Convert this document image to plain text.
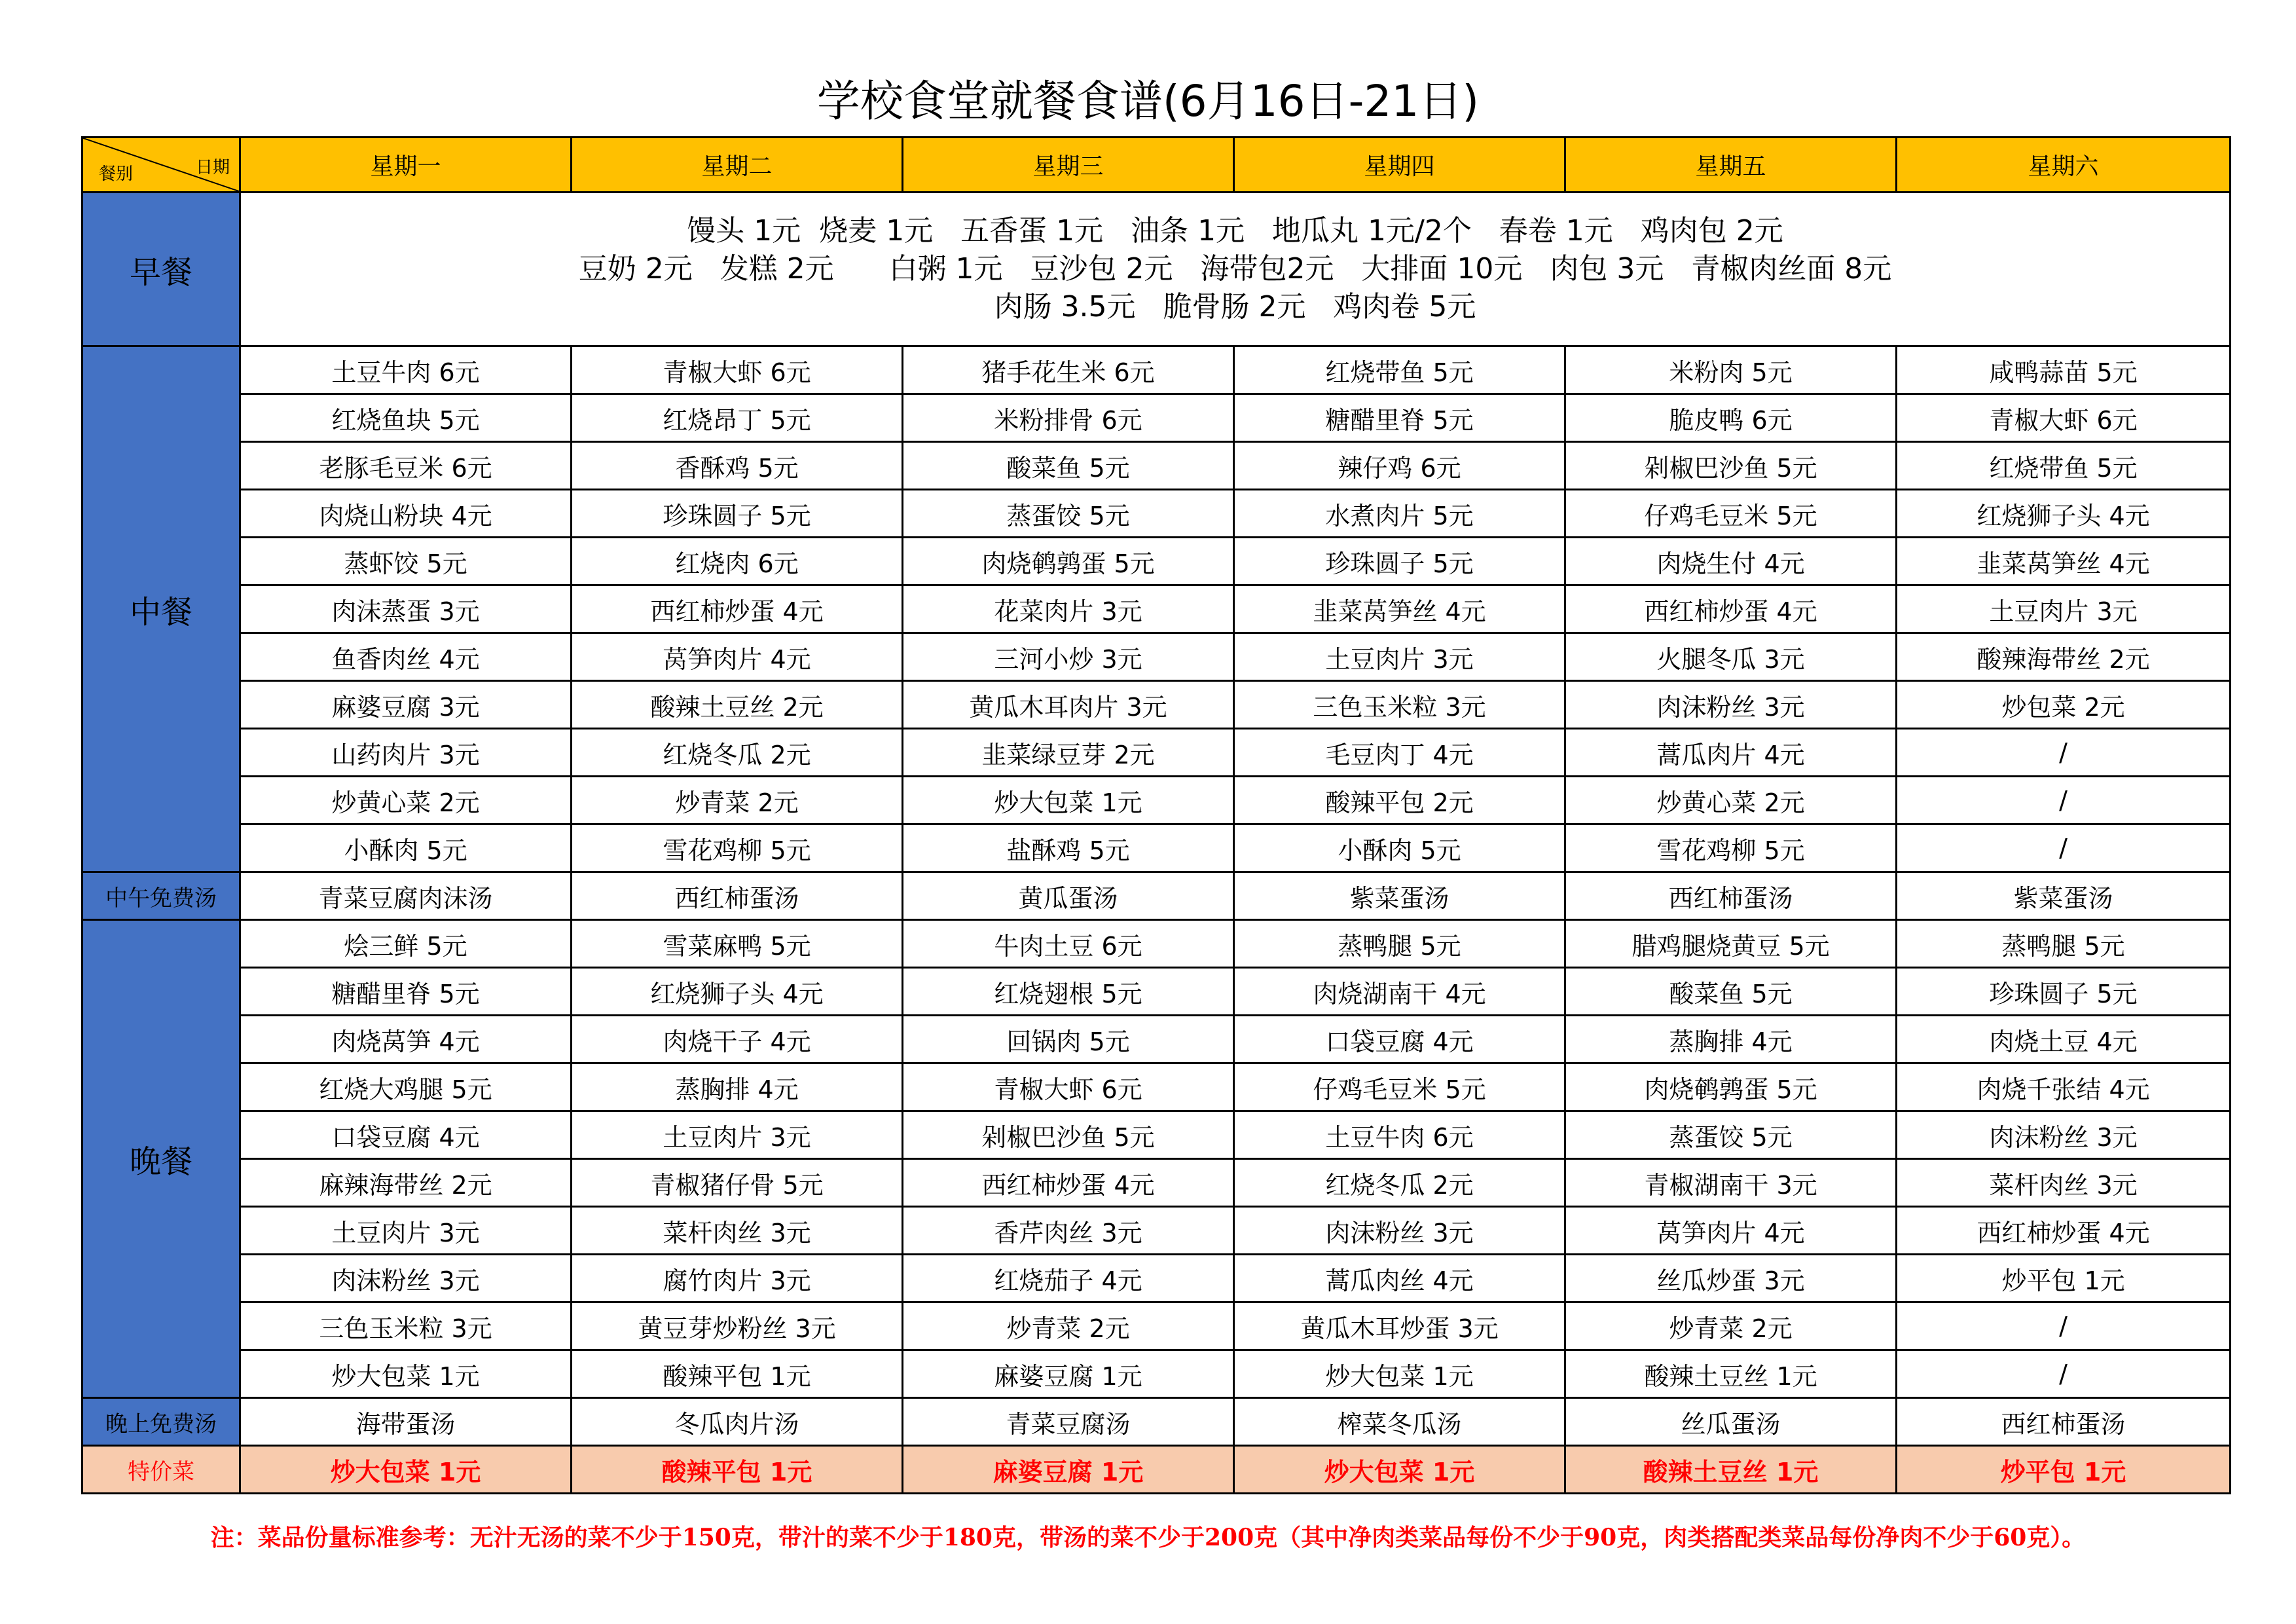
学校食堂就餐食谱(6月16日-21日)
餐别 日期	星期一	星期二	星期三	星期四	星期五	星期六
早餐	馒头 1元  烧麦 1元   五香蛋 1元   油条 1元   地瓜丸 1元/2个   春卷 1元   鸡肉包 2元
豆奶 2元   发糕 2元      白粥 1元   豆沙包 2元   海带包2元   大排面 10元   肉包 3元   青椒肉丝面 8元
肉肠 3.5元   脆骨肠 2元   鸡肉卷 5元					

中餐	土豆牛肉 6元	青椒大虾 6元	猪手花生米 6元	红烧带鱼 5元	米粉肉 5元	咸鸭蒜苗 5元
	红烧鱼块 5元	红烧昂丁 5元	米粉排骨 6元	糖醋里脊 5元	脆皮鸭 6元	青椒大虾 6元
	老豚毛豆米 6元	香酥鸡 5元	酸菜鱼 5元	辣仔鸡 6元	剁椒巴沙鱼 5元	红烧带鱼 5元
	肉烧山粉块 4元	珍珠圆子 5元	蒸蛋饺 5元	水煮肉片 5元	仔鸡毛豆米 5元	红烧狮子头 4元
	蒸虾饺 5元	红烧肉 6元	肉烧鹌鹑蛋 5元	珍珠圆子 5元	肉烧生付 4元	韭菜莴笋丝 4元
	肉沫蒸蛋 3元	西红柿炒蛋 4元	花菜肉片 3元	韭菜莴笋丝 4元	西红柿炒蛋 4元	土豆肉片 3元
	鱼香肉丝 4元	莴笋肉片 4元	三河小炒 3元	土豆肉片 3元	火腿冬瓜 3元	酸辣海带丝 2元
	麻婆豆腐 3元	酸辣土豆丝 2元	黄瓜木耳肉片 3元	三色玉米粒 3元	肉沫粉丝 3元	炒包菜 2元
	山药肉片 3元	红烧冬瓜 2元	韭菜绿豆芽 2元	毛豆肉丁 4元	蒿瓜肉片 4元	/
	炒黄心菜 2元	炒青菜 2元	炒大包菜 1元	酸辣平包 2元	炒黄心菜 2元	/
	小酥肉 5元	雪花鸡柳 5元	盐酥鸡 5元	小酥肉 5元	雪花鸡柳 5元	/
中午免费汤	青菜豆腐肉沫汤	西红柿蛋汤	黄瓜蛋汤	紫菜蛋汤	西红柿蛋汤	紫菜蛋汤
晚餐	烩三鲜 5元	雪菜麻鸭 5元	牛肉土豆 6元	蒸鸭腿 5元	腊鸡腿烧黄豆 5元	蒸鸭腿 5元
	糖醋里脊 5元	红烧狮子头 4元	红烧翅根 5元	肉烧湖南干 4元	酸菜鱼 5元	珍珠圆子 5元
	肉烧莴笋 4元	肉烧干子 4元	回锅肉 5元	口袋豆腐 4元	蒸胸排 4元	肉烧土豆 4元
	红烧大鸡腿 5元	蒸胸排 4元	青椒大虾 6元	仔鸡毛豆米 5元	肉烧鹌鹑蛋 5元	肉烧千张结 4元
	口袋豆腐 4元	土豆肉片 3元	剁椒巴沙鱼 5元	土豆牛肉 6元	蒸蛋饺 5元	肉沫粉丝 3元
	麻辣海带丝 2元	青椒猪仔骨 5元	西红柿炒蛋 4元	红烧冬瓜 2元	青椒湖南干 3元	菜杆肉丝 3元
	土豆肉片 3元	菜杆肉丝 3元	香芹肉丝 3元	肉沫粉丝 3元	莴笋肉片 4元	西红柿炒蛋 4元
	肉沫粉丝 3元	腐竹肉片 3元	红烧茄子 4元	蒿瓜肉丝 4元	丝瓜炒蛋 3元	炒平包 1元
	三色玉米粒 3元	黄豆芽炒粉丝 3元	炒青菜 2元	黄瓜木耳炒蛋 3元	炒青菜 2元	/
	炒大包菜 1元	酸辣平包 1元	麻婆豆腐 1元	炒大包菜 1元	酸辣土豆丝 1元	/
晚上免费汤	海带蛋汤	冬瓜肉片汤	青菜豆腐汤	榨菜冬瓜汤	丝瓜蛋汤	西红柿蛋汤
特价菜	炒大包菜 1元	酸辣平包 1元	麻婆豆腐 1元	炒大包菜 1元	酸辣土豆丝 1元	炒平包 1元
注：菜品份量标准参考：无汁无汤的菜不少于150克，带汁的菜不少于180克，带汤的菜不少于200克（其中净肉类菜品每份不少于90克，肉类搭配类菜品每份净肉不少于60克）。
